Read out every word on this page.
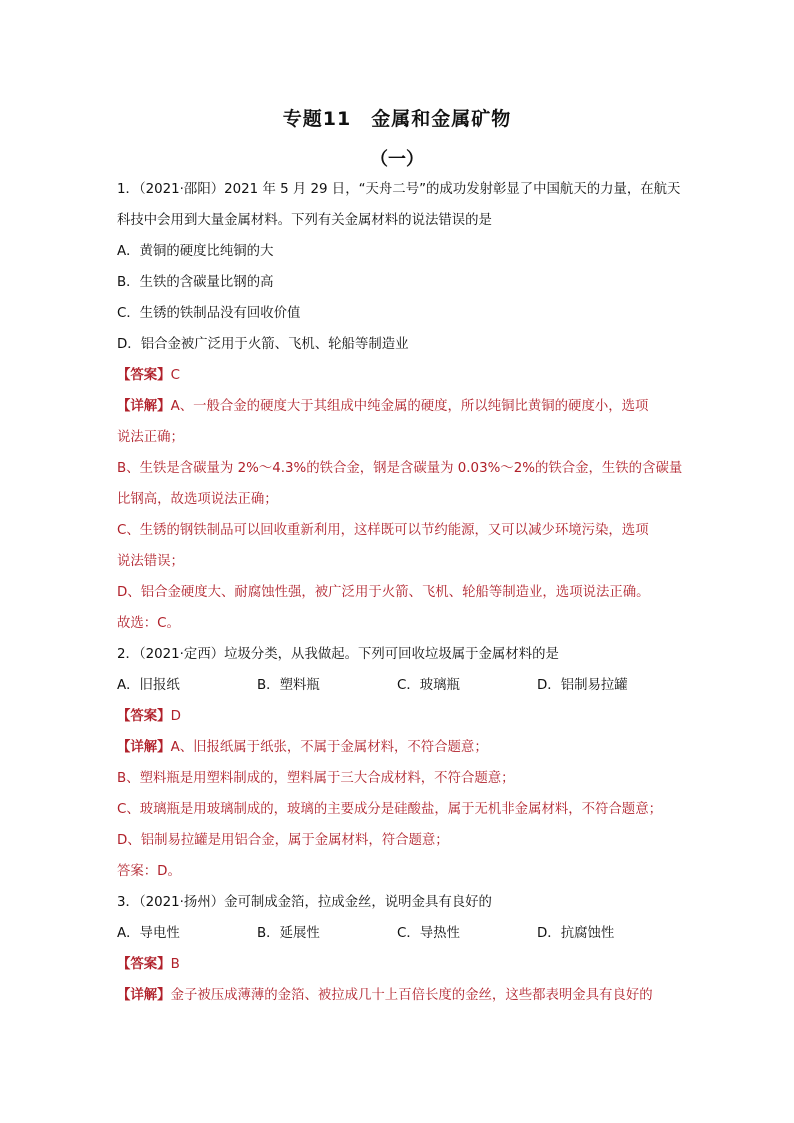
专题11　金属和金属矿物
（一）
1．（2021·邵阳）2021 年 5 月 29 日，“天舟二号”的成功发射彰显了中国航天的力量，在航天
科技中会用到大量金属材料。下列有关金属材料的说法错误的是
A．黄铜的硬度比纯铜的大
B．生铁的含碳量比钢的高
C．生锈的铁制品没有回收价值
D．铝合金被广泛用于火箭、飞机、轮船等制造业
【答案】C
【详解】A、一般合金的硬度大于其组成中纯金属的硬度，所以纯铜比黄铜的硬度小，选项
说法正确；
B、生铁是含碳量为 2%～4.3%的铁合金，钢是含碳量为 0.03%～2%的铁合金，生铁的含碳量
比钢高，故选项说法正确；
C、生锈的钢铁制品可以回收重新利用，这样既可以节约能源，又可以减少环境污染，选项
说法错误；
D、铝合金硬度大、耐腐蚀性强，被广泛用于火箭、飞机、轮船等制造业，选项说法正确。
故选：C。
2．（2021·定西）垃圾分类，从我做起。下列可回收垃圾属于金属材料的是
A．旧报纸	B．塑料瓶	C．玻璃瓶	D．铝制易拉罐
【答案】D
【详解】A、旧报纸属于纸张，不属于金属材料，不符合题意；
B、塑料瓶是用塑料制成的，塑料属于三大合成材料，不符合题意；
C、玻璃瓶是用玻璃制成的，玻璃的主要成分是硅酸盐，属于无机非金属材料，不符合题意；
D、铝制易拉罐是用铝合金，属于金属材料，符合题意；
答案：D。
3．（2021·扬州）金可制成金箔，拉成金丝，说明金具有良好的
A．导电性	B．延展性	C．导热性	D．抗腐蚀性
【答案】B
【详解】金子被压成薄薄的金箔、被拉成几十上百倍长度的金丝，这些都表明金具有良好的
